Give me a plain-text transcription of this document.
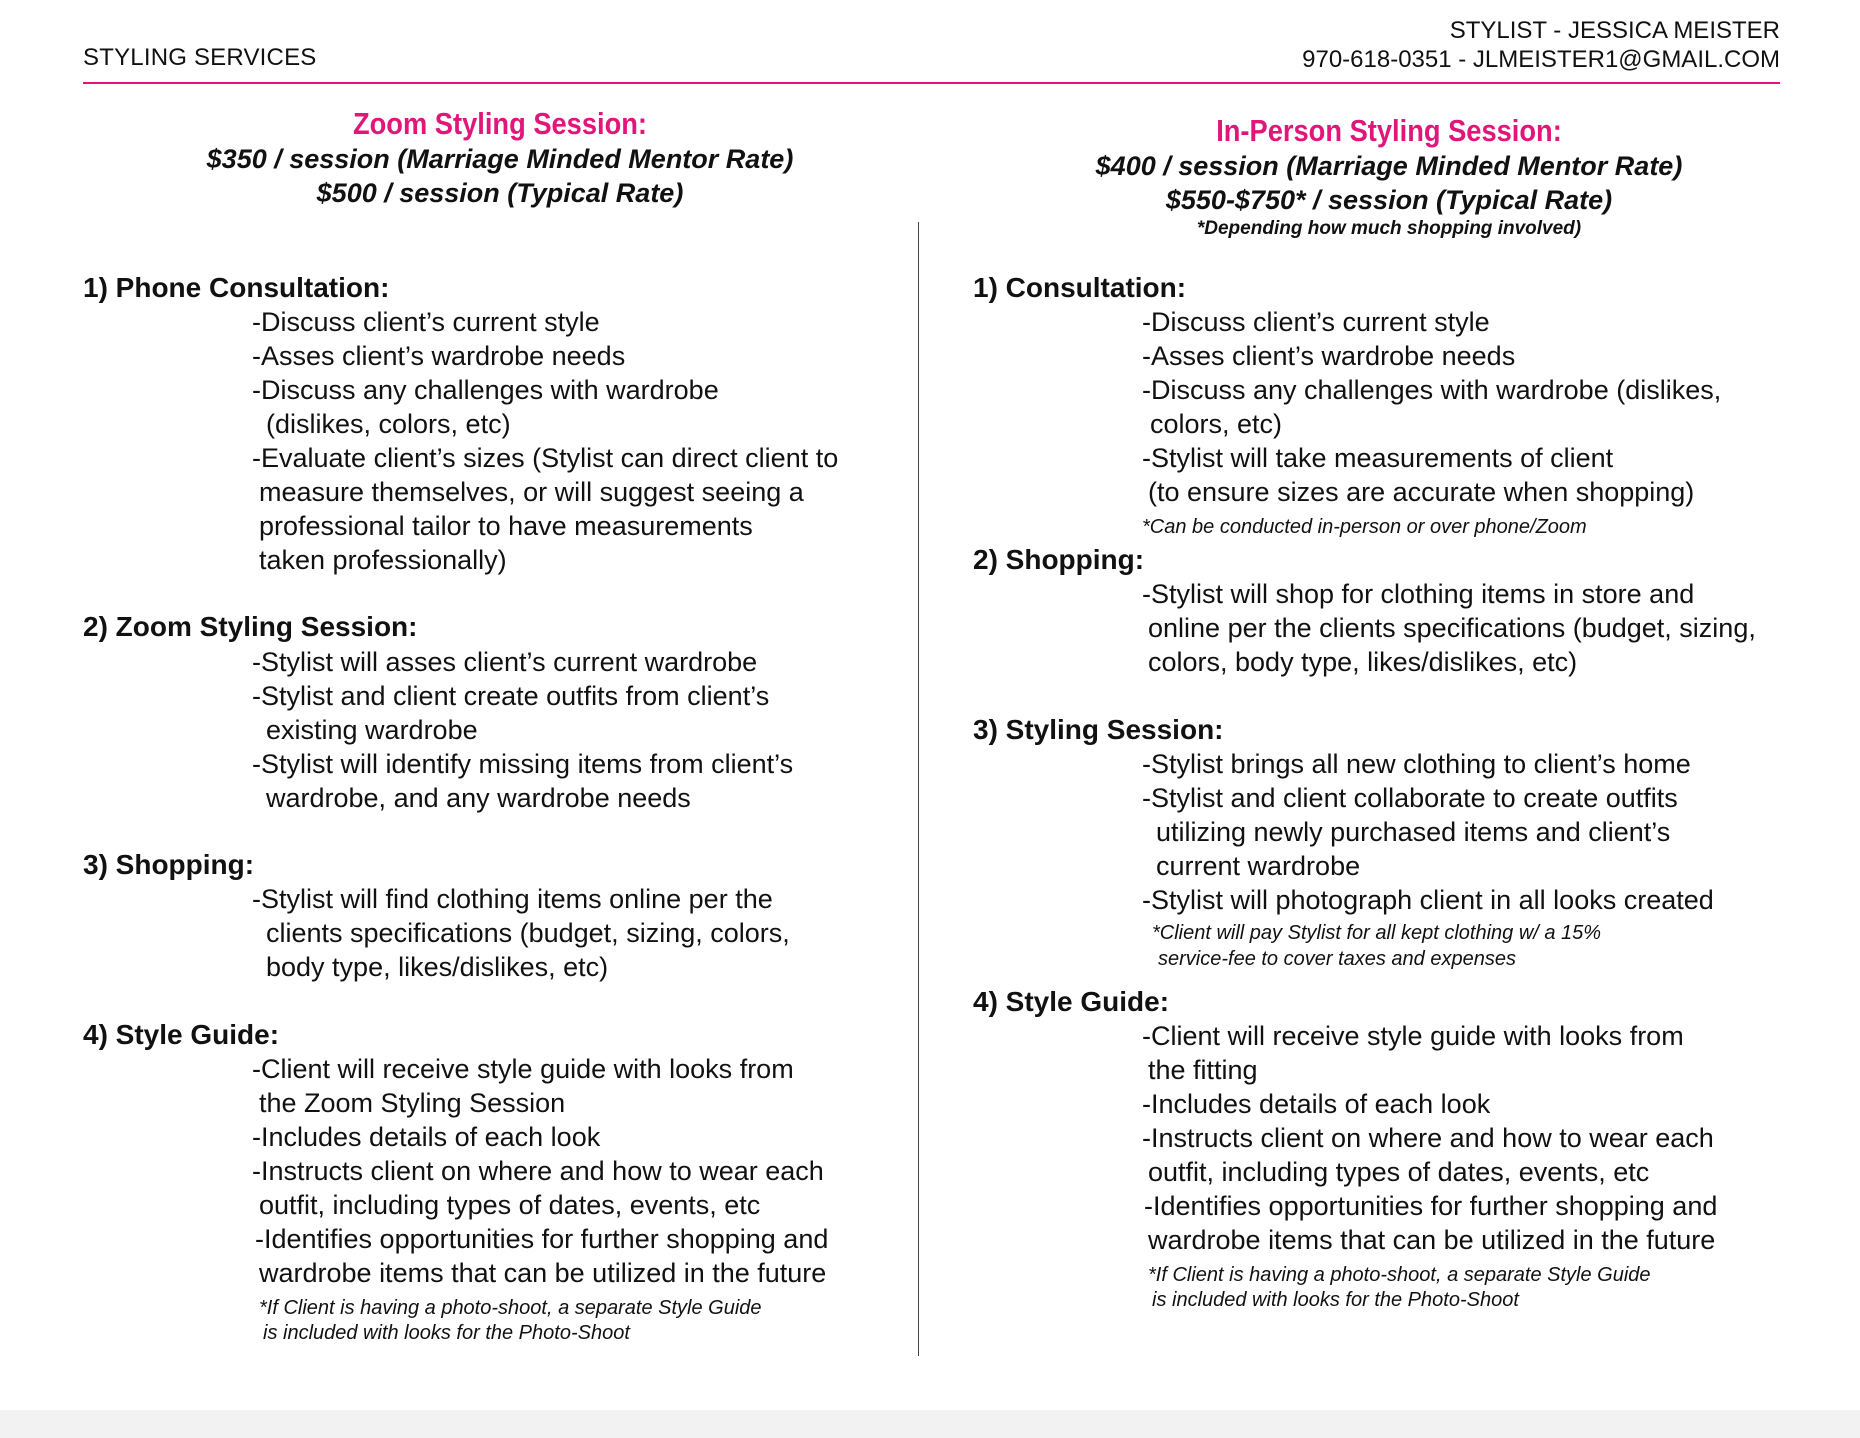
STYLING SERVICES
STYLIST - JESSICA MEISTER
970-618-0351 - JLMEISTER1@GMAIL.COM
Zoom Styling Session:
$350 / session (Marriage Minded Mentor Rate)
$500 / session (Typical Rate)
1) Phone Consultation:
-Discuss client’s current style
-Asses client’s wardrobe needs
-Discuss any challenges with wardrobe
(dislikes, colors, etc)
-Evaluate client’s sizes (Stylist can direct client to
measure themselves, or will suggest seeing a
professional tailor to have measurements
taken professionally)
2) Zoom Styling Session:
-Stylist will asses client’s current wardrobe
-Stylist and client create outfits from client’s
existing wardrobe
-Stylist will identify missing items from client’s
wardrobe, and any wardrobe needs
3) Shopping:
-Stylist will find clothing items online per the
clients specifications (budget, sizing, colors,
body type, likes/dislikes, etc)
4) Style Guide:
-Client will receive style guide with looks from
the Zoom Styling Session
-Includes details of each look
-Instructs client on where and how to wear each
outfit, including types of dates, events, etc
-Identifies opportunities for further shopping and
wardrobe items that can be utilized in the future
*If Client is having a photo-shoot, a separate Style Guide
is included with looks for the Photo-Shoot
In-Person Styling Session:
$400 / session (Marriage Minded Mentor Rate)
$550-$750* / session (Typical Rate)
*Depending how much shopping involved)
1) Consultation:
-Discuss client’s current style
-Asses client’s wardrobe needs
-Discuss any challenges with wardrobe (dislikes,
colors, etc)
-Stylist will take measurements of client
(to ensure sizes are accurate when shopping)
*Can be conducted in-person or over phone/Zoom
2) Shopping:
-Stylist will shop for clothing items in store and
online per the clients specifications (budget, sizing,
colors, body type, likes/dislikes, etc)
3) Styling Session:
-Stylist brings all new clothing to client’s home
-Stylist and client collaborate to create outfits
utilizing newly purchased items and client’s
current wardrobe
-Stylist will photograph client in all looks created
*Client will pay Stylist for all kept clothing w/ a 15%
service-fee to cover taxes and expenses
4) Style Guide:
-Client will receive style guide with looks from
the fitting
-Includes details of each look
-Instructs client on where and how to wear each
outfit, including types of dates, events, etc
-Identifies opportunities for further shopping and
wardrobe items that can be utilized in the future
*If Client is having a photo-shoot, a separate Style Guide
is included with looks for the Photo-Shoot
